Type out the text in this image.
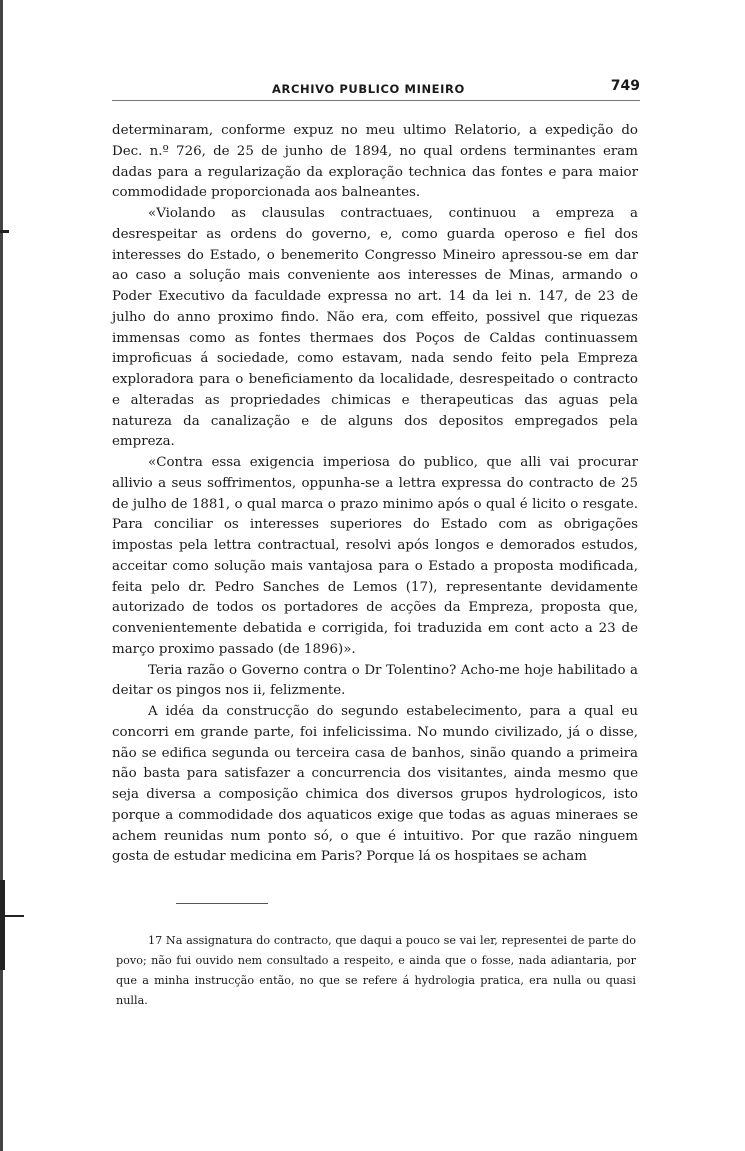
ARCHIVO PUBLICO MINEIRO	749

determinaram, conforme expuz no meu ultimo Relatorio, a expedição do Dec. n.º 726, de 25 de junho de 1894, no qual ordens terminantes eram dadas para a regularização da exploração technica das fontes e para maior commodidade proporcionada aos balneantes.

«Violando as clausulas contractuaes, continuou a empreza a desrespeitar as ordens do governo, e, como guarda operoso e fiel dos interesses do Estado, o benemerito Congresso Mineiro apressou-se em dar ao caso a solução mais conveniente aos interesses de Minas, armando o Poder Executivo da faculdade expressa no art. 14 da lei n. 147, de 23 de julho do anno proximo findo. Não era, com effeito, possivel que riquezas immensas como as fontes thermaes dos Poços de Caldas continuassem improficuas á sociedade, como estavam, nada sendo feito pela Empreza exploradora para o beneficiamento da localidade, desrespeitado o contracto e alteradas as propriedades chimicas e therapeuticas das aguas pela natureza da canalização e de alguns dos depositos empregados pela empreza.

«Contra essa exigencia imperiosa do publico, que alli vai procurar allivio a seus soffrimentos, oppunha-se a lettra expressa do contracto de 25 de julho de 1881, o qual marca o prazo minimo após o qual é licito o resgate. Para conciliar os interesses superiores do Estado com as obrigações impostas pela lettra contractual, resolvi após longos e demorados estudos, acceitar como solução mais vantajosa para o Estado a proposta modificada, feita pelo dr. Pedro Sanches de Lemos (17), representante devidamente autorizado de todos os portadores de acções da Empreza, proposta que, convenientemente debatida e corrigida, foi traduzida em cont acto a 23 de março proximo passado (de 1896)».

Teria razão o Governo contra o Dr Tolentino? Acho-me hoje habilitado a deitar os pingos nos ii, felizmente.

A idéa da construcção do segundo estabelecimento, para a qual eu concorri em grande parte, foi infelicissima. No mundo civilizado, já o disse, não se edifica segunda ou terceira casa de banhos, sinão quando a primeira não basta para satisfazer a concurrencia dos visitantes, ainda mesmo que seja diversa a composição chimica dos diversos grupos hydrologicos, isto porque a commodidade dos aquaticos exige que todas as aguas mineraes se achem reunidas num ponto só, o que é intuitivo. Por que razão ninguem gosta de estudar medicina em Paris? Porque lá os hospitaes se acham

17 Na assignatura do contracto, que daqui a pouco se vai ler, representei de parte do povo; não fui ouvido nem consultado a respeito, e ainda que o fosse, nada adiantaria, por que a minha instrucção então, no que se refere á hydrologia pratica, era nulla ou quasi nulla.
